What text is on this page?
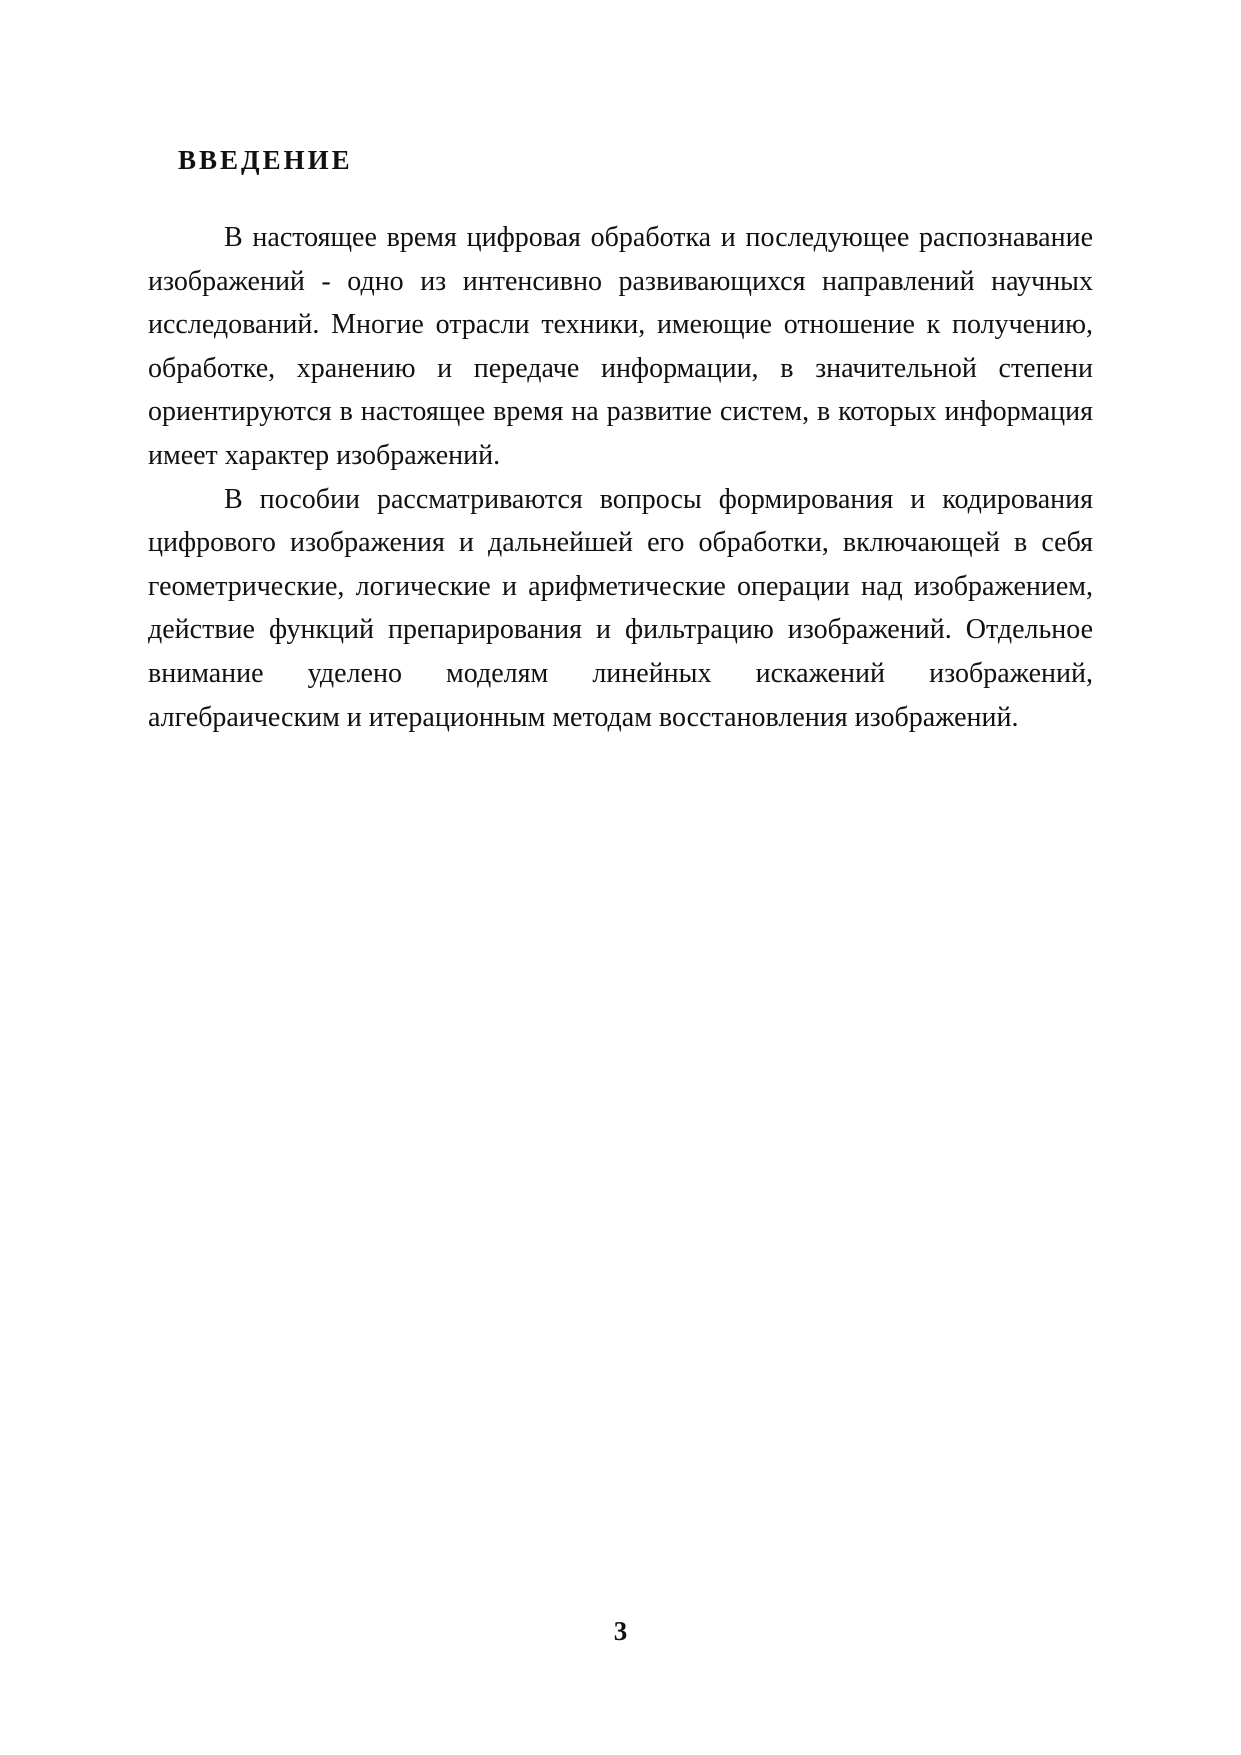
ВВЕДЕНИЕ

В настоящее время цифровая обработка и последующее распознавание изображений - одно из интенсивно развивающихся направлений научных исследований. Многие отрасли техники, имеющие отношение к получению, обработке, хранению и передаче информации, в значительной степени ориентируются в настоящее время на развитие систем, в которых информация имеет характер изображений.

В пособии рассматриваются вопросы формирования и кодирования цифрового изображения и дальнейшей его обработки, включающей в себя геометрические, логические и арифметические операции над изображением, действие функций препарирования и фильтрацию изображений. Отдельное внимание уделено моделям линейных искажений изображений, алгебраическим и итерационным методам восстановления изображений.

3
